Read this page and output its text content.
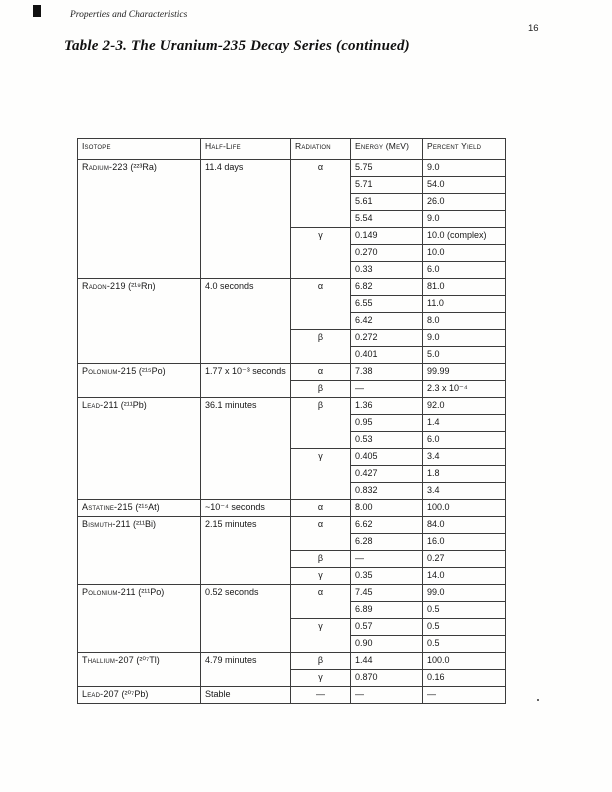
Properties and Characteristics
16
Table 2-3. The Uranium-235 Decay Series (continued)
Isotope	Half-Life	Radiation	Energy (MeV)	Percent Yield
Radium-223 (²²³Ra)	11.4 days	α	5.75	9.0
			5.71	54.0
			5.61	26.0
			5.54	9.0
		γ	0.149	10.0 (complex)
			0.270	10.0
			0.33	6.0
Radon-219 (²¹⁹Rn)	4.0 seconds	α	6.82	81.0
			6.55	11.0
			6.42	8.0
		β	0.272	9.0
			0.401	5.0
Polonium-215 (²¹⁵Po)	1.77 x 10⁻³ seconds	α	7.38	99.99
		β	—	2.3 x 10⁻⁴
Lead-211 (²¹¹Pb)	36.1 minutes	β	1.36	92.0
			0.95	1.4
			0.53	6.0
		γ	0.405	3.4
			0.427	1.8
			0.832	3.4
Astatine-215 (²¹⁵At)	~10⁻⁴ seconds	α	8.00	100.0
Bismuth-211 (²¹¹Bi)	2.15 minutes	α	6.62	84.0
			6.28	16.0
		β	—	0.27
		γ	0.35	14.0
Polonium-211 (²¹¹Po)	0.52 seconds	α	7.45	99.0
			6.89	0.5
		γ	0.57	0.5
			0.90	0.5
Thallium-207 (²⁰⁷Tl)	4.79 minutes	β	1.44	100.0
		γ	0.870	0.16
Lead-207 (²⁰⁷Pb)	Stable	—	—	—
